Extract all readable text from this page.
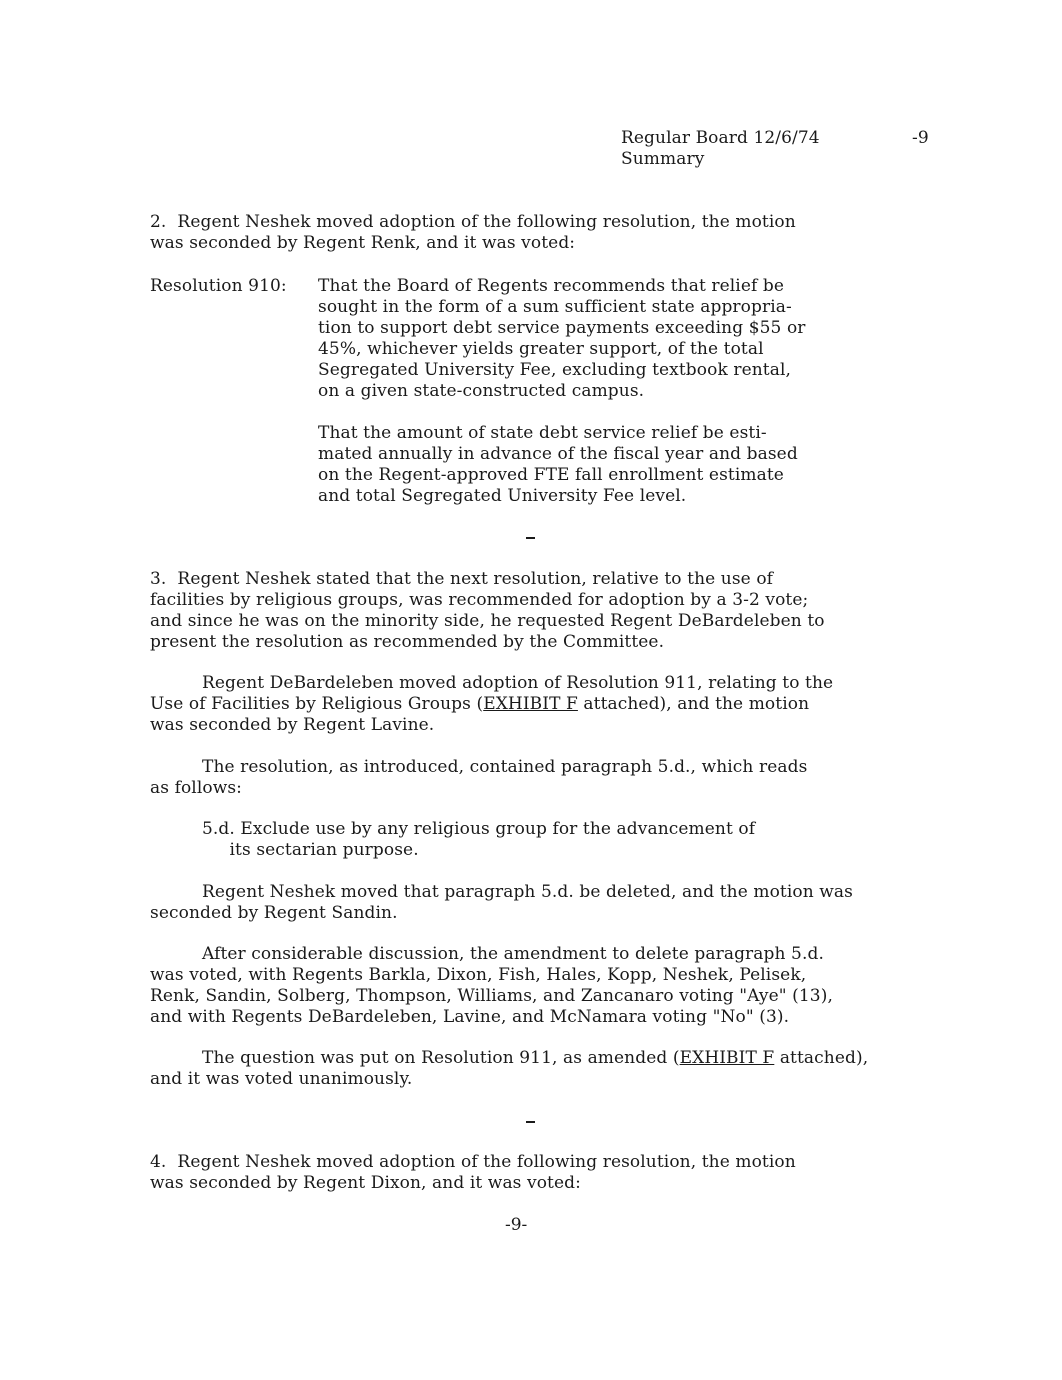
Regular Board 12/6/74
Summary
-9
2.  Regent Neshek moved adoption of the following resolution, the motion
was seconded by Regent Renk, and it was voted:
Resolution 910: That the Board of Regents recommends that relief be
sought in the form of a sum sufficient state appropria-
tion to support debt service payments exceeding $55 or
45%, whichever yields greater support, of the total
Segregated University Fee, excluding textbook rental,
on a given state-constructed campus.
That the amount of state debt service relief be esti-
mated annually in advance of the fiscal year and based
on the Regent-approved FTE fall enrollment estimate
and total Segregated University Fee level.
3.  Regent Neshek stated that the next resolution, relative to the use of
facilities by religious groups, was recommended for adoption by a 3-2 vote;
and since he was on the minority side, he requested Regent DeBardeleben to
present the resolution as recommended by the Committee.
Regent DeBardeleben moved adoption of Resolution 911, relating to the
Use of Facilities by Religious Groups (EXHIBIT F attached), and the motion
was seconded by Regent Lavine.
The resolution, as introduced, contained paragraph 5.d., which reads
as follows:
5.d. Exclude use by any religious group for the advancement of
its sectarian purpose.
Regent Neshek moved that paragraph 5.d. be deleted, and the motion was
seconded by Regent Sandin.
After considerable discussion, the amendment to delete paragraph 5.d.
was voted, with Regents Barkla, Dixon, Fish, Hales, Kopp, Neshek, Pelisek,
Renk, Sandin, Solberg, Thompson, Williams, and Zancanaro voting "Aye" (13),
and with Regents DeBardeleben, Lavine, and McNamara voting "No" (3).
The question was put on Resolution 911, as amended (EXHIBIT F attached),
and it was voted unanimously.
4.  Regent Neshek moved adoption of the following resolution, the motion
was seconded by Regent Dixon, and it was voted:
-9-
